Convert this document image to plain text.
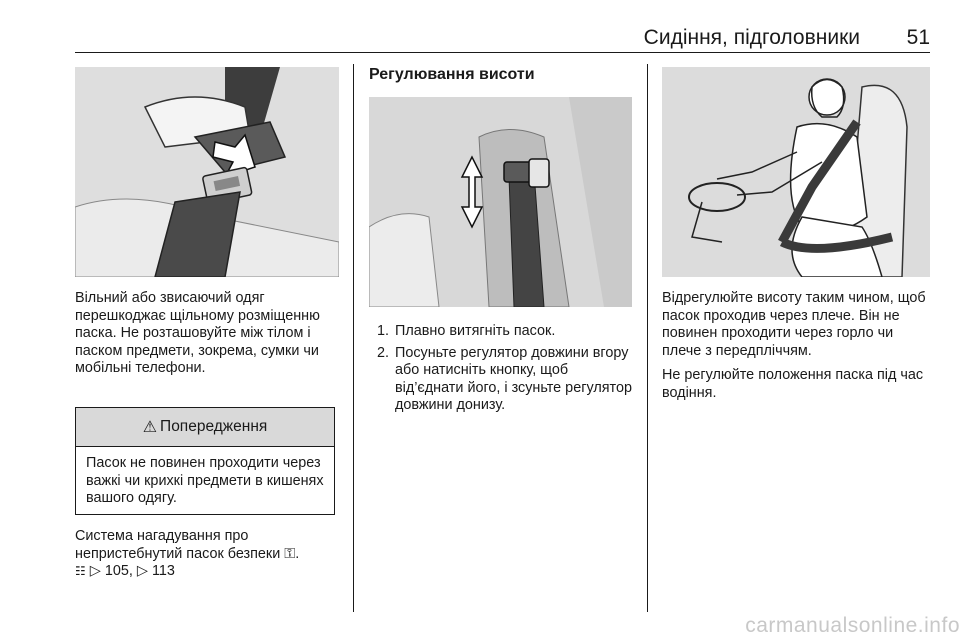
Сидіння, підголовники	51

Вільний або звисаючий одяг перешкоджає щільному розміщенню паска. Не розташовуйте між тілом і паском предмети, зокрема, сумки чи мобільні телефони.

⚠ Попередження
Пасок не повинен проходити через важкі чи крихкі предмети в кишенях вашого одягу.

Система нагадування про
непристебнутий пасок безпеки ⚿.
☷ ▷ 105, ▷ 113

Регулювання висоти
1. Плавно витягніть пасок.
2. Посуньте регулятор довжини вгору або натисніть кнопку, щоб від’єднати його, і зсуньте регулятор довжини донизу.

Відрегулюйте висоту таким чином, щоб пасок проходив через плече. Він не повинен проходити через горло чи плече з передпліччям.

Не регулюйте положення паска під час водіння.

carmanualsonline.info
